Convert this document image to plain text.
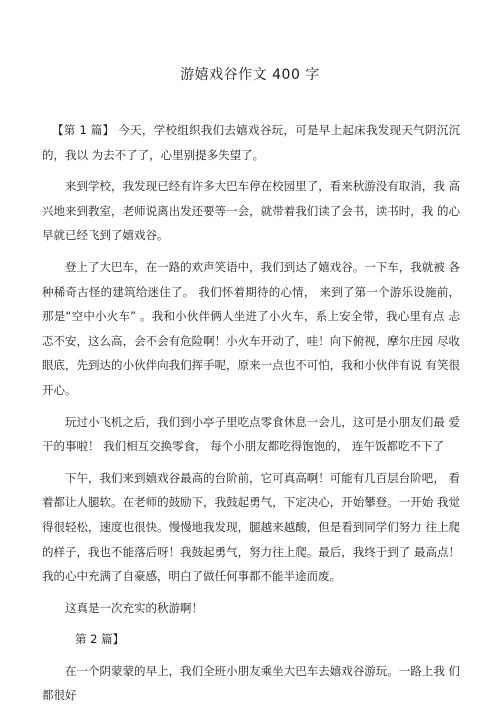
游嬉戏谷作文 400 字

【第 1 篇】 今天，学校组织我们去嬉戏谷玩，可是早上起床我发现天气阴沉沉的，我以 为去不了了，心里别提多失望了。

来到学校，我发现已经有许多大巴车停在校园里了，看来秋游没有取消，我 高兴地来到教室，老师说离出发还要等一会，就带着我们读了会书，读书时，我 的心早就已经飞到了嬉戏谷。

登上了大巴车，在一路的欢声笑语中，我们到达了嬉戏谷。一下车，我就被 各种稀奇古怪的建筑给迷住了。 我们怀着期待的心情， 来到了第一个游乐设施前， 那是“空中小火车” 。我和小伙伴俩人坐进了小火车，系上安全带，我心里有点 忐忑不安，这么高，会不会有危险啊！小火车开动了，哇！向下俯视，摩尔庄园 尽收眼底，先到达的小伙伴向我们挥手呢，原来一点也不可怕，我和小伙伴有说 有笑很开心。

玩过小飞机之后，我们到小亭子里吃点零食休息一会儿，这可是小朋友们最 爱干的事啦！ 我们相互交换零食， 每个小朋友都吃得饱饱的， 连午饭都吃不下了

下午，我们来到嬉戏谷最高的台阶前，它可真高啊！可能有几百层台阶吧， 看着都让人腿软。在老师的鼓励下，我鼓起勇气，下定决心，开始攀登。一开始 我觉得很轻松，速度也很快。慢慢地我发现，腿越来越酸，但是看到同学们努力 往上爬的样子，我也不能落后呀！我鼓起勇气，努力往上爬。最后，我终于到了 最高点！我的心中充满了自豪感，明白了做任何事都不能半途而废。

这真是一次充实的秋游啊！

第 2 篇】

在一个阴蒙蒙的早上，我们全班小朋友乘坐大巴车去嬉戏谷游玩。一路上我 们都很好
